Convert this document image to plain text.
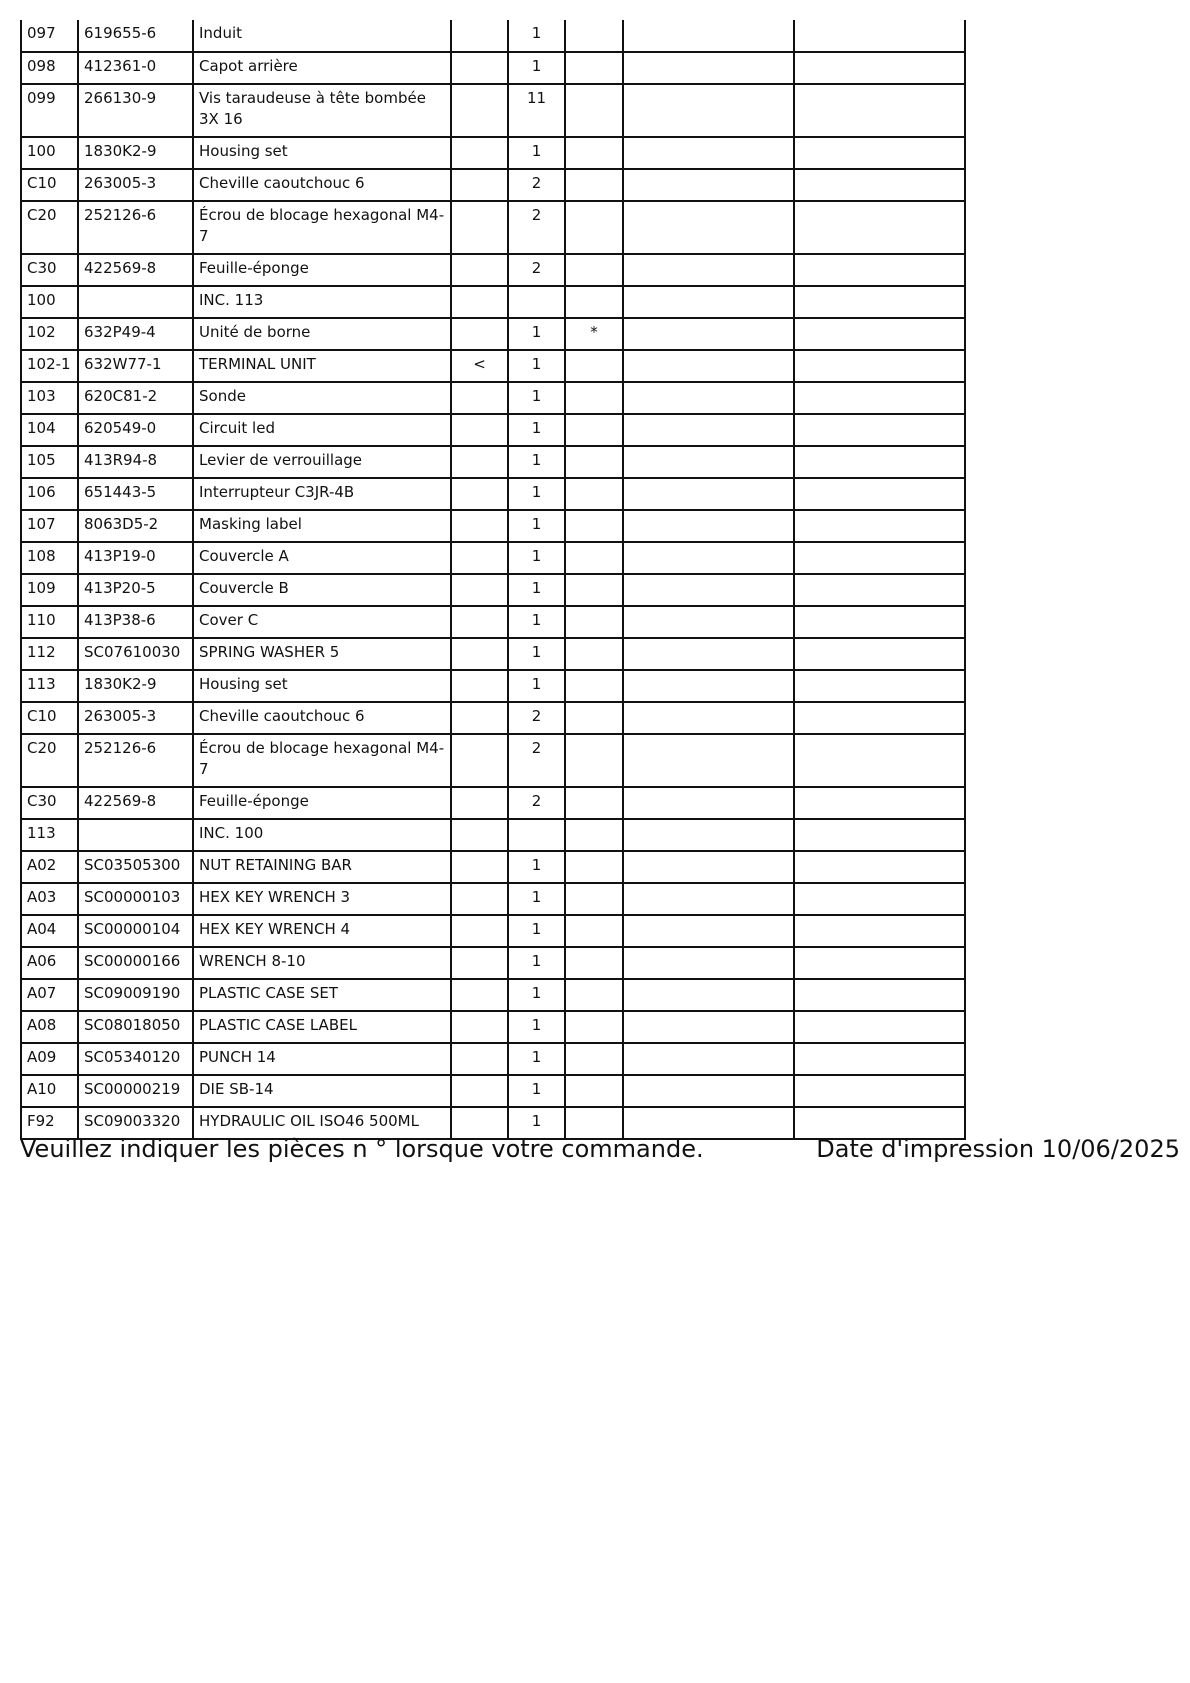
097	619655-6	Induit		1			
098	412361-0	Capot arrière		1			
099	266130-9	Vis taraudeuse à tête bombée 3X 16		11			
100	1830K2-9	Housing set		1			
C10	263005-3	Cheville caoutchouc 6		2			
C20	252126-6	Écrou de blocage hexagonal M4-7		2			
C30	422569-8	Feuille-éponge		2			
100		INC. 113					
102	632P49-4	Unité de borne		1	*		
102-1	632W77-1	TERMINAL UNIT	<	1			
103	620C81-2	Sonde		1			
104	620549-0	Circuit led		1			
105	413R94-8	Levier de verrouillage		1			
106	651443-5	Interrupteur C3JR-4B		1			
107	8063D5-2	Masking label		1			
108	413P19-0	Couvercle A		1			
109	413P20-5	Couvercle B		1			
110	413P38-6	Cover C		1			
112	SC07610030	SPRING WASHER 5		1			
113	1830K2-9	Housing set		1			
C10	263005-3	Cheville caoutchouc 6		2			
C20	252126-6	Écrou de blocage hexagonal M4-7		2			
C30	422569-8	Feuille-éponge		2			
113		INC. 100					
A02	SC03505300	NUT RETAINING BAR		1			
A03	SC00000103	HEX KEY WRENCH 3		1			
A04	SC00000104	HEX KEY WRENCH 4		1			
A06	SC00000166	WRENCH 8-10		1			
A07	SC09009190	PLASTIC CASE SET		1			
A08	SC08018050	PLASTIC CASE LABEL		1			
A09	SC05340120	PUNCH 14		1			
A10	SC00000219	DIE SB-14		1			
F92	SC09003320	HYDRAULIC OIL ISO46 500ML		1			
Veuillez indiquer les pièces n ° lorsque votre commande.	Date d'impression 10/06/2025
